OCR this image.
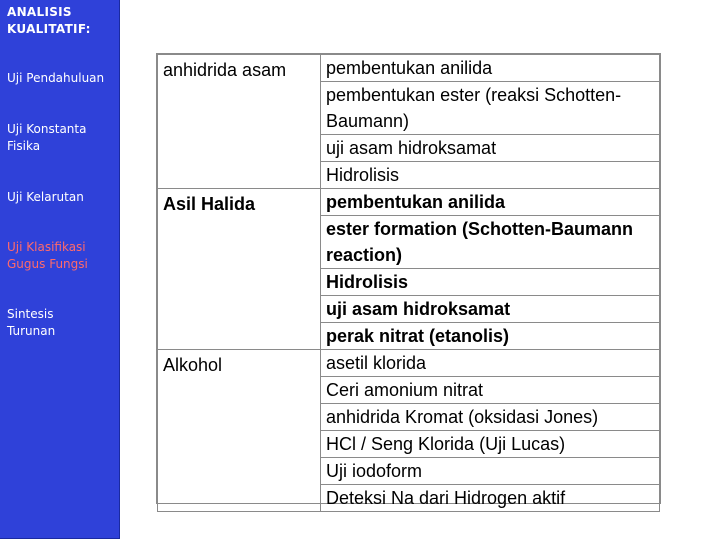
ANALISIS
KUALITATIF:
Uji Pendahuluan
Uji Konstanta
Fisika
Uji Kelarutan
Uji Klasifikasi
Gugus Fungsi
Sintesis
Turunan
anhidrida asam	pembentukan anilida
	pembentukan ester (reaksi Schotten-
Baumann)
	uji asam hidroksamat
	Hidrolisis

Asil Halida	pembentukan anilida
	ester formation (Schotten-Baumann
reaction)
	Hidrolisis
	uji asam hidroksamat
	perak nitrat (etanolis)
Alkohol	asetil klorida
	Ceri amonium nitrat
	anhidrida Kromat (oksidasi Jones)
	HCl / Seng Klorida (Uji Lucas)
	Uji iodoform
	Deteksi Na dari Hidrogen aktif
